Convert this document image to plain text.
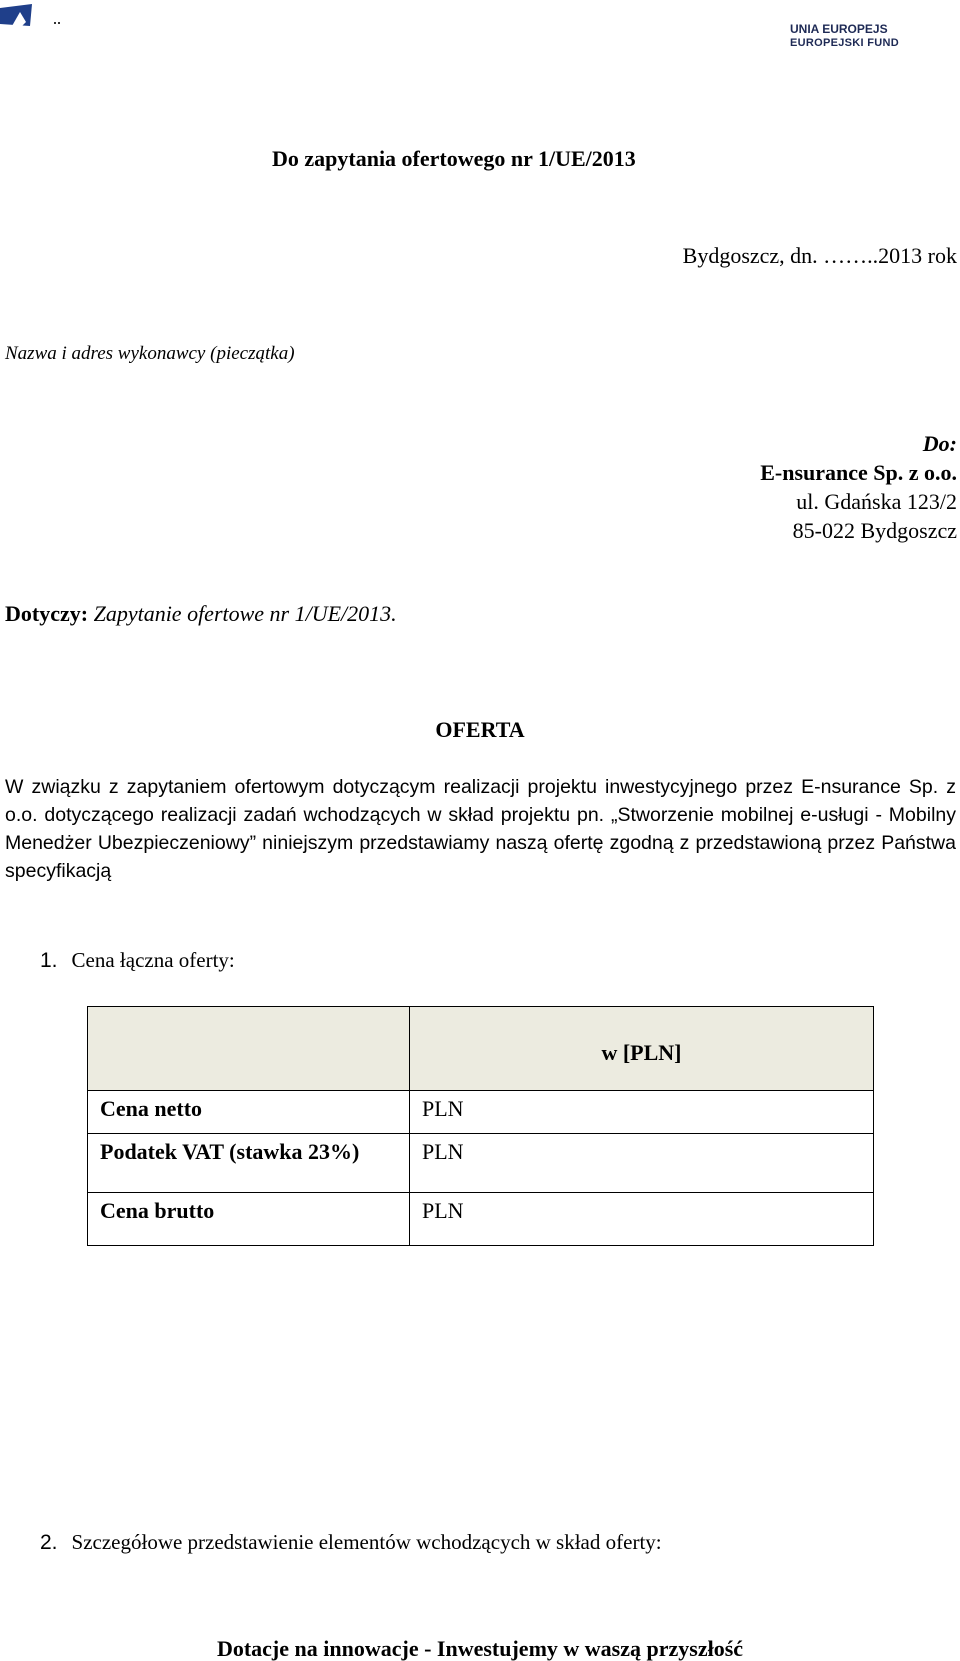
UNIA EUROPEJS
EUROPEJSKI FUND
Do zapytania ofertowego nr 1/UE/2013
Bydgoszcz, dn. ……..2013 rok
Nazwa i adres wykonawcy (pieczątka)
Do:
E-nsurance Sp. z o.o.
ul. Gdańska 123/2
85-022 Bydgoszcz
Dotyczy: Zapytanie ofertowe nr 1/UE/2013.
OFERTA
W związku z zapytaniem ofertowym dotyczącym realizacji projektu inwestycyjnego przez E-nsurance Sp. z o.o. dotyczącego realizacji zadań wchodzących w skład projektu pn. „Stworzenie mobilnej e-usługi - Mobilny Menedżer Ubezpieczeniowy” niniejszym przedstawiamy naszą ofertę zgodną z przedstawioną przez Państwa specyfikacją
1. Cena łączna oferty:
	w [PLN]
Cena netto	PLN
Podatek VAT (stawka 23%)	PLN
Cena brutto	PLN
2. Szczegółowe przedstawienie elementów wchodzących w skład oferty:
Dotacje na innowacje - Inwestujemy w waszą przyszłość
